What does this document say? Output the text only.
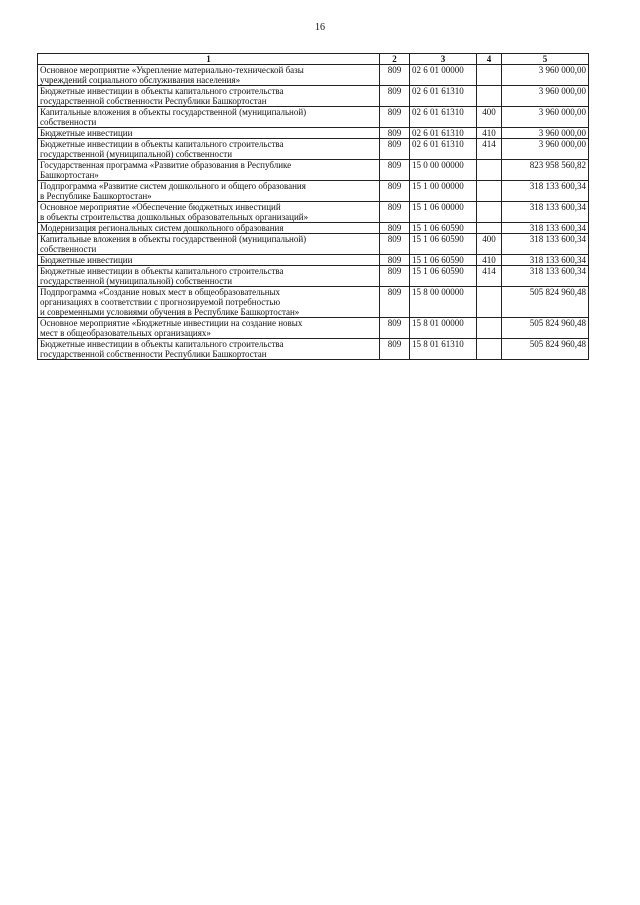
16
1	2	3	4	5
Основное мероприятие «Укрепление материально-технической базы
учреждений социального обслуживания населения»	809	02 6 01 00000		3 960 000,00
Бюджетные инвестиции в объекты капитального строительства
государственной собственности Республики Башкортостан	809	02 6 01 61310		3 960 000,00
Капитальные вложения в объекты государственной (муниципальной)
собственности	809	02 6 01 61310	400	3 960 000,00
Бюджетные инвестиции	809	02 6 01 61310	410	3 960 000,00
Бюджетные инвестиции в объекты капитального строительства
государственной (муниципальной) собственности	809	02 6 01 61310	414	3 960 000,00
Государственная программа «Развитие образования в Республике
Башкортостан»	809	15 0 00 00000		823 958 560,82
Подпрограмма «Развитие систем дошкольного и общего образования
в Республике Башкортостан»	809	15 1 00 00000		318 133 600,34
Основное мероприятие «Обеспечение бюджетных инвестиций
в объекты строительства дошкольных образовательных организаций»	809	15 1 06 00000		318 133 600,34
Модернизация региональных систем дошкольного образования	809	15 1 06 60590		318 133 600,34
Капитальные вложения в объекты государственной (муниципальной)
собственности	809	15 1 06 60590	400	318 133 600,34
Бюджетные инвестиции	809	15 1 06 60590	410	318 133 600,34
Бюджетные инвестиции в объекты капитального строительства
государственной (муниципальной) собственности	809	15 1 06 60590	414	318 133 600,34
Подпрограмма «Создание новых мест в общеобразовательных
организациях в соответствии с прогнозируемой потребностью
и современными условиями обучения в Республике Башкортостан»	809	15 8 00 00000		505 824 960,48
Основное мероприятие «Бюджетные инвестиции на создание новых
мест в общеобразовательных организациях»	809	15 8 01 00000		505 824 960,48
Бюджетные инвестиции в объекты капитального строительства
государственной собственности Республики Башкортостан	809	15 8 01 61310		505 824 960,48
